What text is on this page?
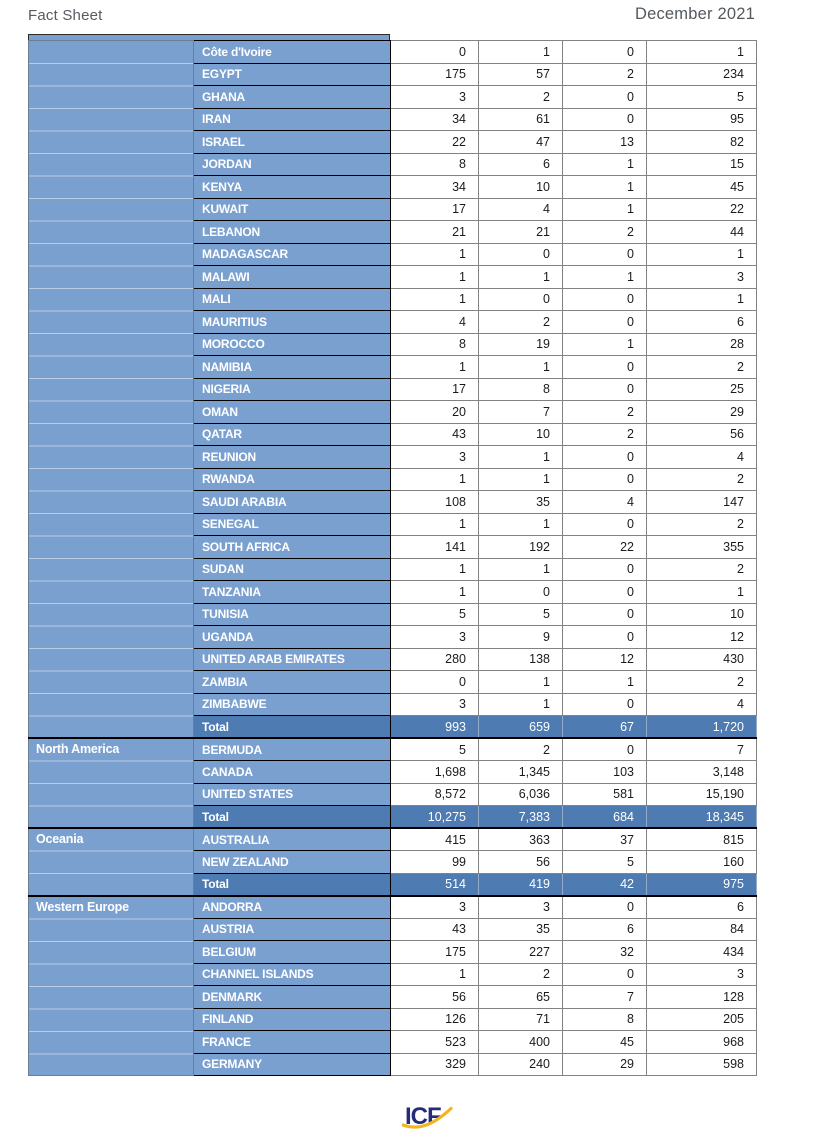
Fact Sheet	December 2021
	Côte d'Ivoire	0	1	0	1
	EGYPT	175	57	2	234
	GHANA	3	2	0	5
	IRAN	34	61	0	95
	ISRAEL	22	47	13	82
	JORDAN	8	6	1	15
	KENYA	34	10	1	45
	KUWAIT	17	4	1	22
	LEBANON	21	21	2	44
	MADAGASCAR	1	0	0	1
	MALAWI	1	1	1	3
	MALI	1	0	0	1
	MAURITIUS	4	2	0	6
	MOROCCO	8	19	1	28
	NAMIBIA	1	1	0	2
	NIGERIA	17	8	0	25
	OMAN	20	7	2	29
	QATAR	43	10	2	56
	REUNION	3	1	0	4
	RWANDA	1	1	0	2
	SAUDI ARABIA	108	35	4	147
	SENEGAL	1	1	0	2
	SOUTH AFRICA	141	192	22	355
	SUDAN	1	1	0	2
	TANZANIA	1	0	0	1
	TUNISIA	5	5	0	10
	UGANDA	3	9	0	12
	UNITED ARAB EMIRATES	280	138	12	430
	ZAMBIA	0	1	1	2
	ZIMBABWE	3	1	0	4
	Total	993	659	67	1,720

North America	BERMUDA	5	2	0	7
	CANADA	1,698	1,345	103	3,148
	UNITED STATES	8,572	6,036	581	15,190
	Total	10,275	7,383	684	18,345

Oceania	AUSTRALIA	415	363	37	815
	NEW ZEALAND	99	56	5	160
	Total	514	419	42	975

Western Europe	ANDORRA	3	3	0	6
	AUSTRIA	43	35	6	84
	BELGIUM	175	227	32	434
	CHANNEL ISLANDS	1	2	0	3
	DENMARK	56	65	7	128
	FINLAND	126	71	8	205
	FRANCE	523	400	45	968
	GERMANY	329	240	29	598
ICF
